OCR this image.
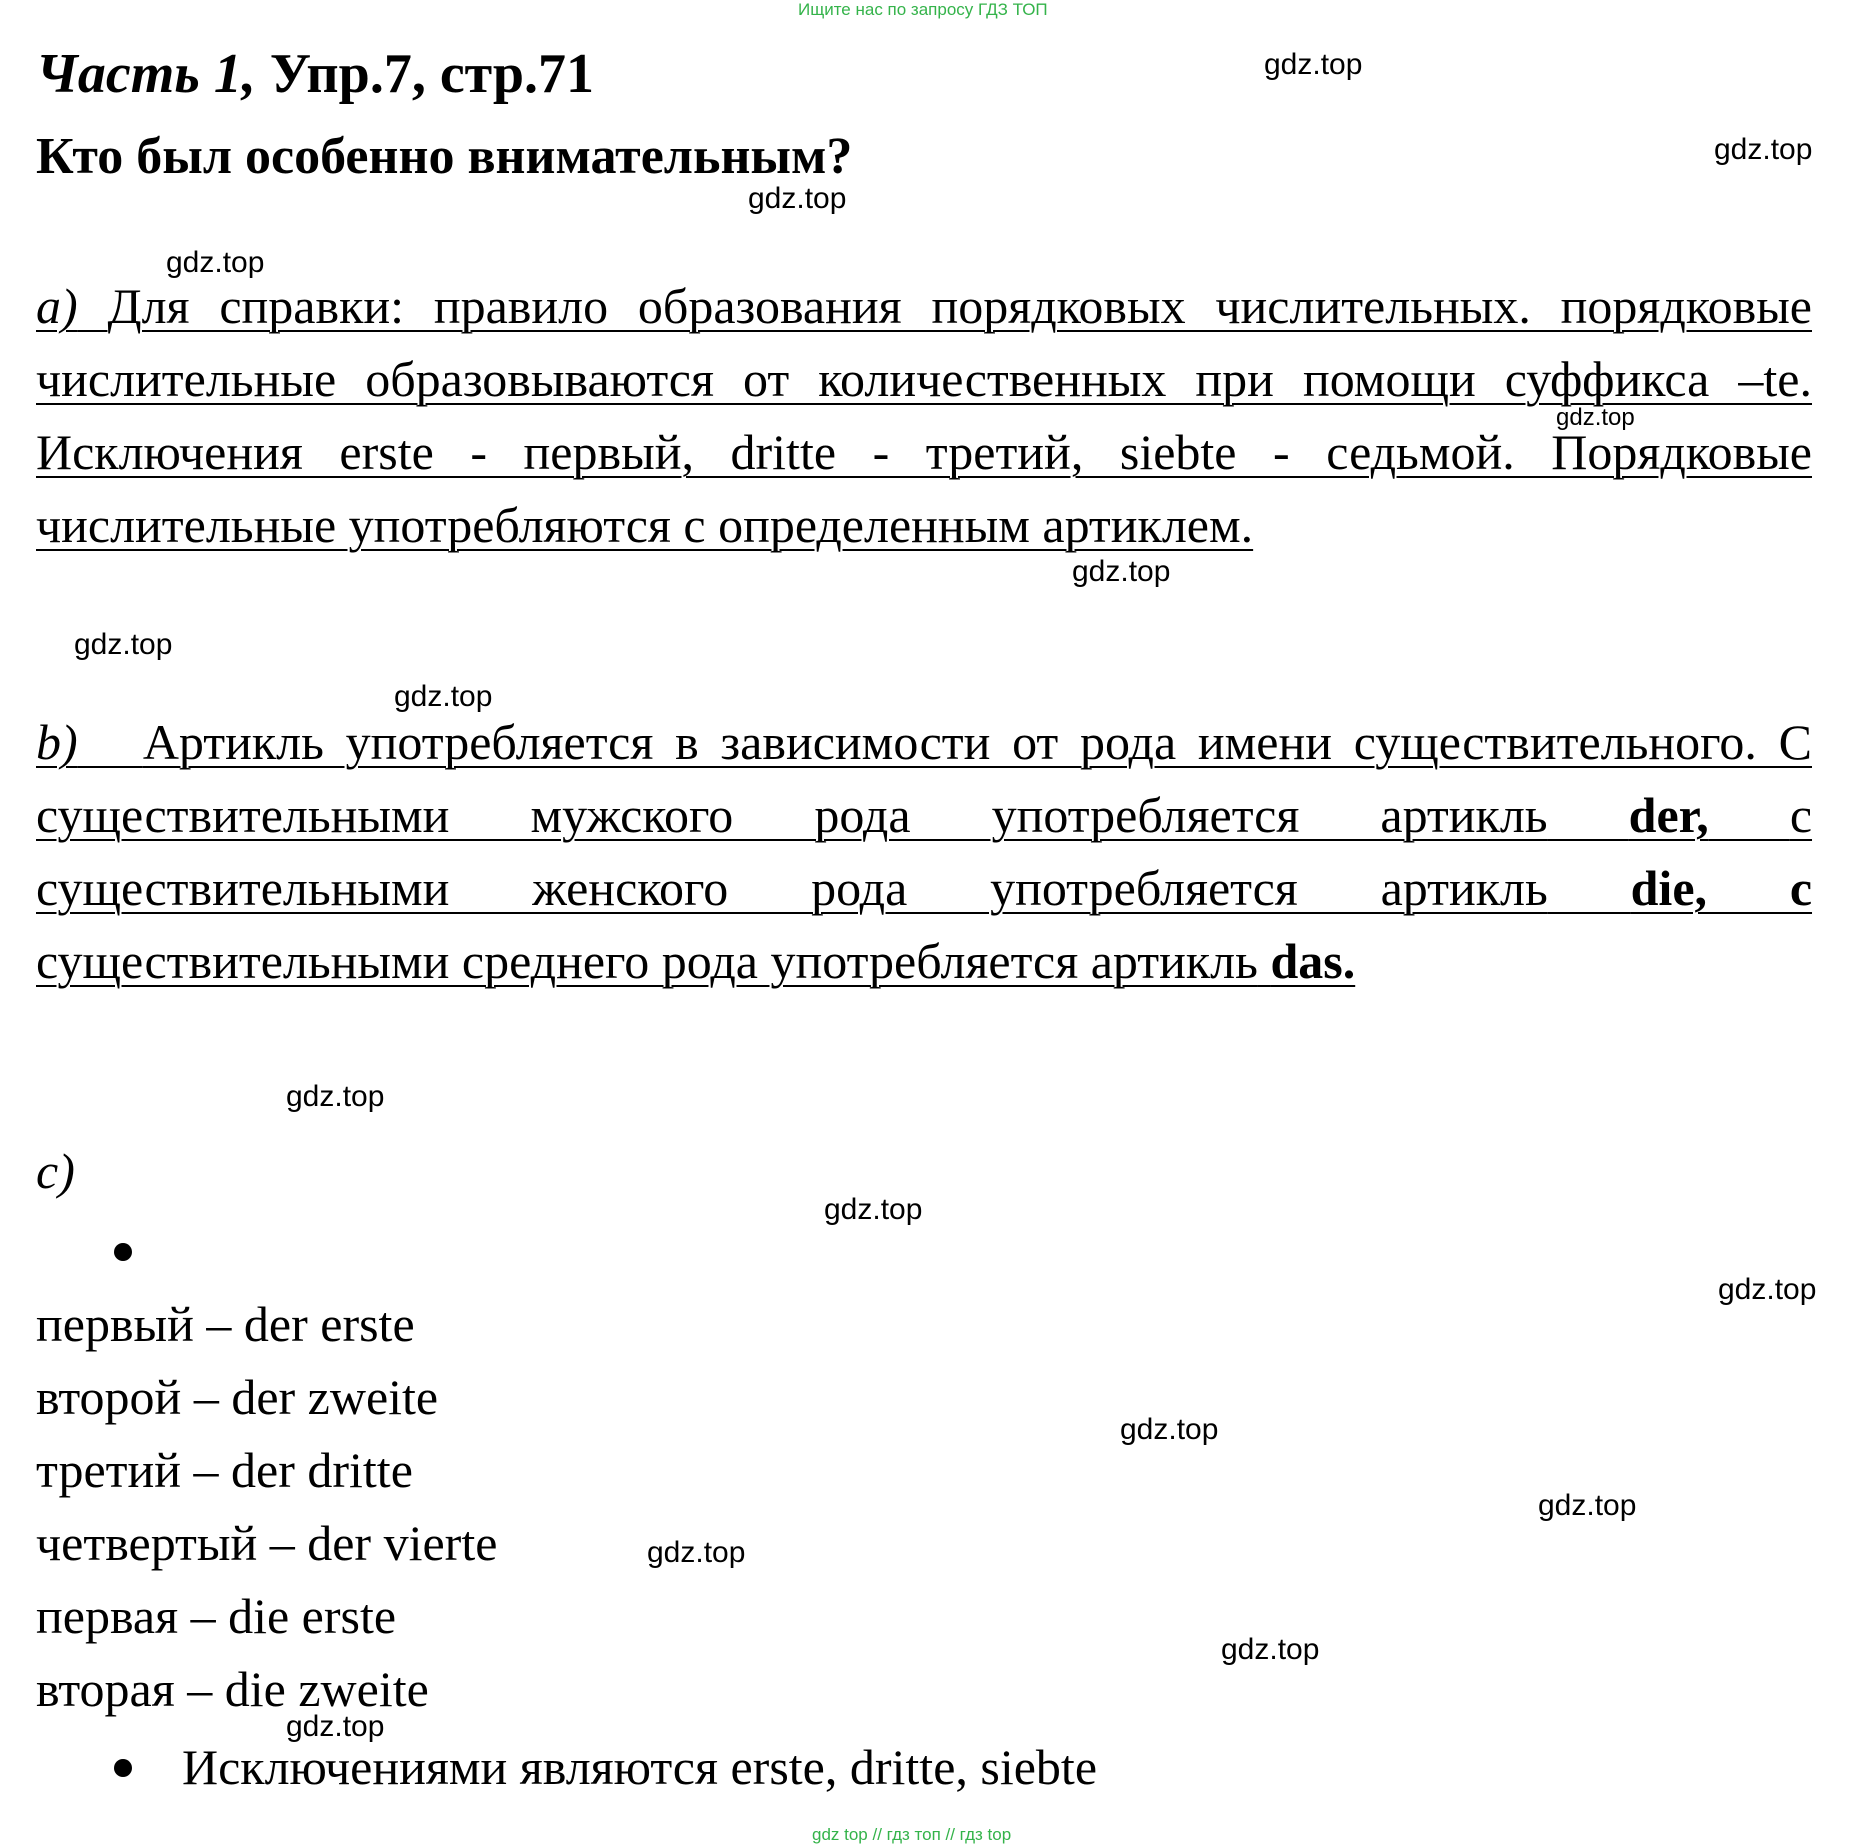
Ищите нас по запросу ГДЗ ТОП
Часть 1, Упр.7, стр.71
Кто был особенно внимательным?
a) Для справки: правило образования порядковых числительных. порядковые числительные образовываются от количественных при помощи суффикса –te. Исключения erste - первый, dritte - третий, siebte - седьмой. Порядковые числительные употребляются с определенным артиклем.
b) Артикль употребляется в зависимости от рода имени существительного. С существительными мужского рода употребляется артикль der, с существительными женского рода употребляется артикль die, с существительными среднего рода употребляется артикль das.
c)
первый – der erste
второй – der zweite
третий – der dritte
четвертый – der vierte
первая – die erste
вторая – die zweite
Исключениями являются erste, dritte, siebte
gdz.top
gdz.top
gdz.top
gdz.top
gdz.top
gdz.top
gdz.top
gdz.top
gdz.top
gdz.top
gdz.top
gdz.top
gdz.top
gdz.top
gdz.top
gdz.top
gdz top // гдз топ // гдз top
